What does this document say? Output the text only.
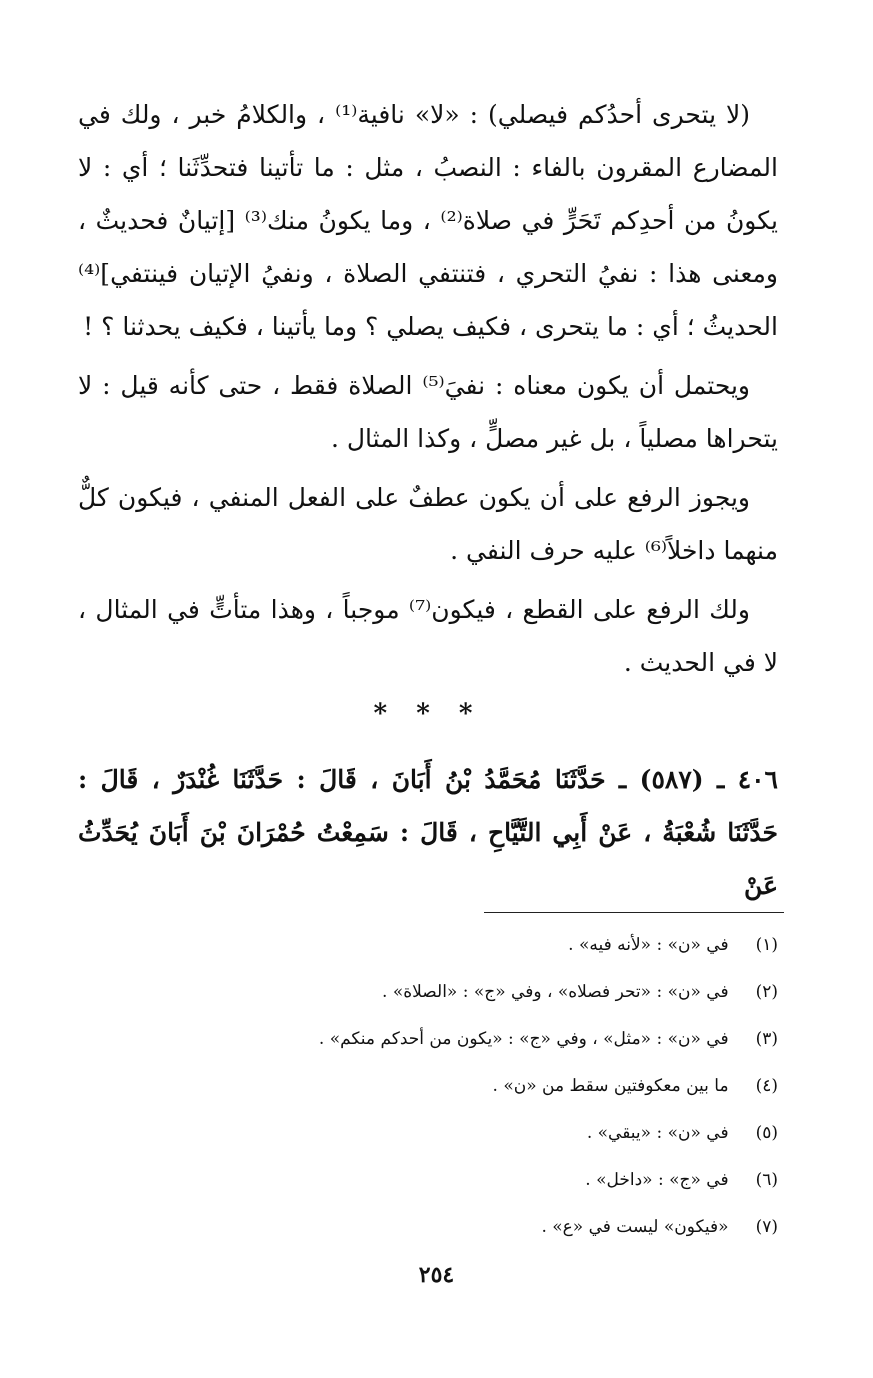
(لا يتحرى أحدُكم فيصلي) : «لا» نافية⁽¹⁾ ، والكلامُ خبر ، ولك في المضارع المقرون بالفاء : النصبُ ، مثل : ما تأتينا فتحدِّثَنا ؛ أي : لا يكونُ من أحدِكم تَحَرٍّ في صلاة⁽²⁾ ، وما يكونُ منك⁽³⁾ [إتيانٌ فحديثٌ ، ومعنى هذا : نفيُ التحري ، فتنتفي الصلاة ، ونفيُ الإتيان فينتفي]⁽⁴⁾ الحديثُ ؛ أي : ما يتحرى ، فكيف يصلي ؟ وما يأتينا ، فكيف يحدثنا ؟ !

ويحتمل أن يكون معناه : نفيَ⁽⁵⁾ الصلاة فقط ، حتى كأنه قيل : لا يتحراها مصلياً ، بل غير مصلٍّ ، وكذا المثال .

ويجوز الرفع على أن يكون عطفٌ على الفعل المنفي ، فيكون كلٌّ منهما داخلاً⁽⁶⁾ عليه حرف النفي .

ولك الرفع على القطع ، فيكون⁽⁷⁾ موجباً ، وهذا متأتٍّ في المثال ، لا في الحديث .

* * *
٤٠٦ ـ (٥٨٧) ـ حَدَّثَنَا مُحَمَّدُ بْنُ أَبَانَ ، قَالَ : حَدَّثَنَا غُنْدَرٌ ، قَالَ :
حَدَّثَنَا شُعْبَةُ ، عَنْ أَبِي التَّيَّاحِ ، قَالَ : سَمِعْتُ حُمْرَانَ بْنَ أَبَانَ يُحَدِّثُ عَنْ
(١) في «ن» : «لأنه فيه» .
(٢) في «ن» : «تحر فصلاه» ، وفي «ج» : «الصلاة» .
(٣) في «ن» : «مثل» ، وفي «ج» : «يكون من أحدكم منكم» .
(٤) ما بين معكوفتين سقط من «ن» .
(٥) في «ن» : «يبقي» .
(٦) في «ج» : «داخل» .
(٧) «فيكون» ليست في «ع» .
٢٥٤
